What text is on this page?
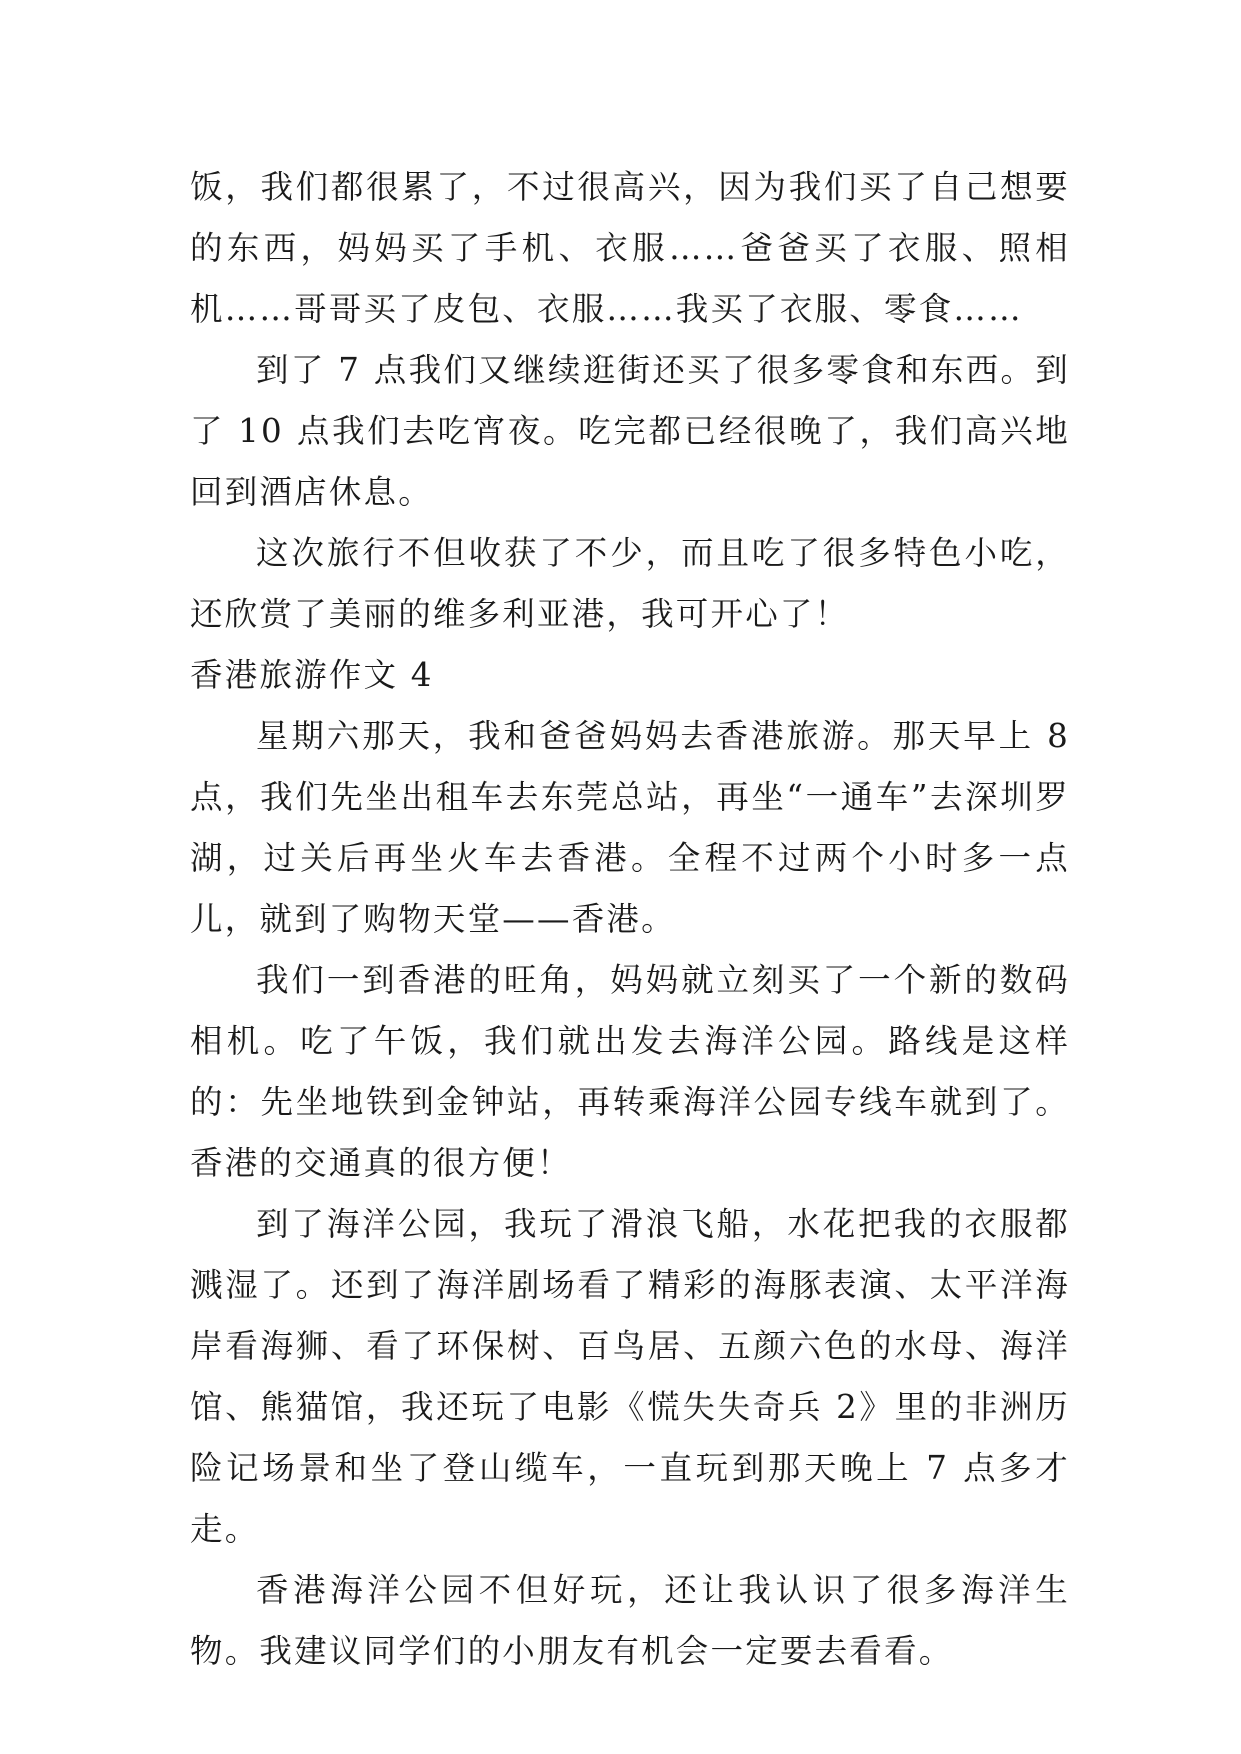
饭，我们都很累了，不过很高兴，因为我们买了自己想要的东西，妈妈买了手机、衣服……爸爸买了衣服、照相机……哥哥买了皮包、衣服……我买了衣服、零食……

到了 7 点我们又继续逛街还买了很多零食和东西。到了 10 点我们去吃宵夜。吃完都已经很晚了，我们高兴地回到酒店休息。

这次旅行不但收获了不少，而且吃了很多特色小吃，还欣赏了美丽的维多利亚港，我可开心了！

香港旅游作文 4

星期六那天，我和爸爸妈妈去香港旅游。那天早上 8 点，我们先坐出租车去东莞总站，再坐“一通车”去深圳罗湖，过关后再坐火车去香港。全程不过两个小时多一点儿，就到了购物天堂——香港。

我们一到香港的旺角，妈妈就立刻买了一个新的数码相机。吃了午饭，我们就出发去海洋公园。路线是这样的：先坐地铁到金钟站，再转乘海洋公园专线车就到了。香港的交通真的很方便！

到了海洋公园，我玩了滑浪飞船，水花把我的衣服都溅湿了。还到了海洋剧场看了精彩的海豚表演、太平洋海岸看海狮、看了环保树、百鸟居、五颜六色的水母、海洋馆、熊猫馆，我还玩了电影《慌失失奇兵 2》里的非洲历险记场景和坐了登山缆车，一直玩到那天晚上 7 点多才走。

香港海洋公园不但好玩，还让我认识了很多海洋生物。我建议同学们的小朋友有机会一定要去看看。
